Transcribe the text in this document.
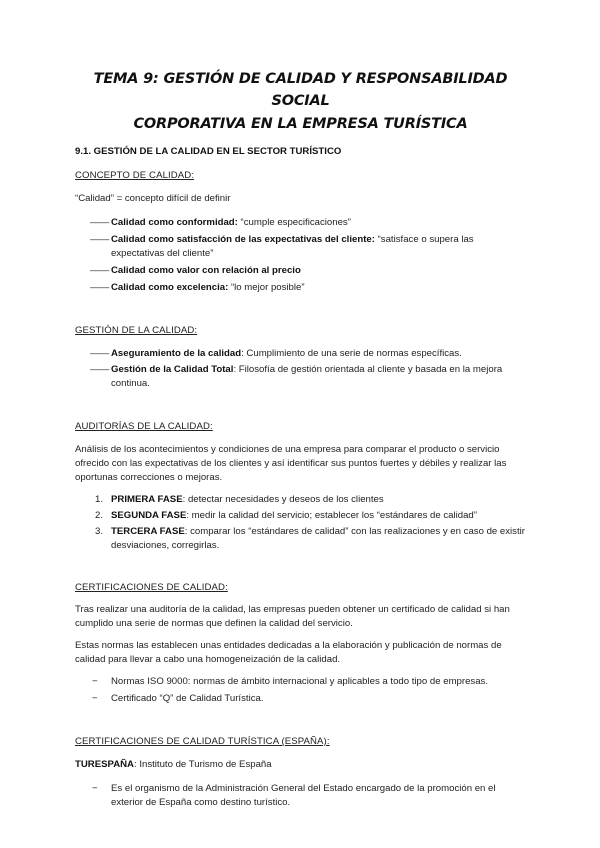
TEMA 9: GESTIÓN DE CALIDAD Y RESPONSABILIDAD SOCIAL
CORPORATIVA EN LA EMPRESA TURÍSTICA
9.1. GESTIÓN DE LA CALIDAD EN EL SECTOR TURÍSTICO
CONCEPTO DE CALIDAD:
“Calidad” = concepto difícil de definir
—— Calidad como conformidad: “cumple especificaciones”
—— Calidad como satisfacción de las expectativas del cliente: “satisface o supera las expectativas del cliente”
—— Calidad como valor con relación al precio
—— Calidad como excelencia: “lo mejor posible”
GESTIÓN DE LA CALIDAD:
—— Aseguramiento de la calidad: Cumplimiento de una serie de normas específicas.
—— Gestión de la Calidad Total: Filosofía de gestión orientada al cliente y basada en la mejora continua.
AUDITORÍAS DE LA CALIDAD:
Análisis de los acontecimientos y condiciones de una empresa para comparar el producto o servicio ofrecido con las expectativas de los clientes y así identificar sus puntos fuertes y débiles y realizar las oportunas correcciones o mejoras.
1. PRIMERA FASE: detectar necesidades y deseos de los clientes
2. SEGUNDA FASE: medir la calidad del servicio; establecer los “estándares de calidad”
3. TERCERA FASE: comparar los “estándares de calidad” con las realizaciones y en caso de existir desviaciones, corregirlas.
CERTIFICACIONES DE CALIDAD:
Tras realizar una auditoría de la calidad, las empresas pueden obtener un certificado de calidad si han cumplido una serie de normas que definen la calidad del servicio.
Estas normas las establecen unas entidades dedicadas a la elaboración y publicación de normas de calidad para llevar a cabo una homogeneización de la calidad.
− Normas ISO 9000: normas de ámbito internacional y aplicables a todo tipo de empresas.
− Certificado “Q” de Calidad Turística.
CERTIFICACIONES DE CALIDAD TURÍSTICA (ESPAÑA):
TURESPAÑA: Instituto de Turismo de España
− Es el organismo de la Administración General del Estado encargado de la promoción en el exterior de España como destino turístico.
